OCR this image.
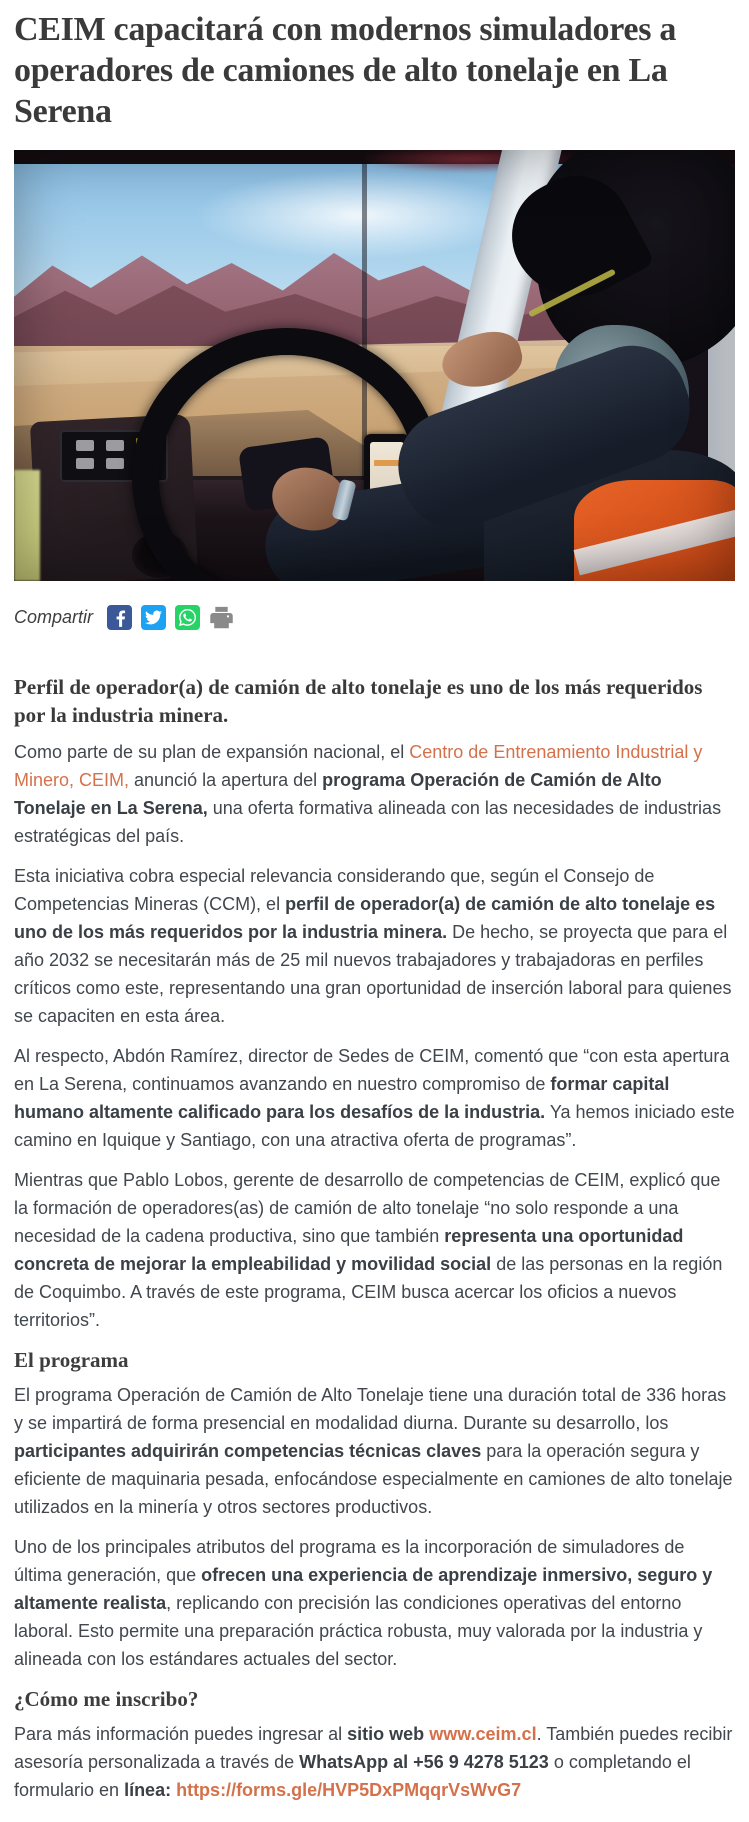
CEIM capacitará con modernos simuladores a operadores de camiones de alto tonelaje en La Serena
Compartir
Perfil de operador(a) de camión de alto tonelaje es uno de los más requeridos por la industria minera.

Como parte de su plan de expansión nacional, el Centro de Entrenamiento Industrial y Minero, CEIM, anunció la apertura del programa Operación de Camión de Alto Tonelaje en La Serena, una oferta formativa alineada con las necesidades de industrias estratégicas del país.

Esta iniciativa cobra especial relevancia considerando que, según el Consejo de Competencias Mineras (CCM), el perfil de operador(a) de camión de alto tonelaje es uno de los más requeridos por la industria minera. De hecho, se proyecta que para el año 2032 se necesitarán más de 25 mil nuevos trabajadores y trabajadoras en perfiles críticos como este, representando una gran oportunidad de inserción laboral para quienes se capaciten en esta área.

Al respecto, Abdón Ramírez, director de Sedes de CEIM, comentó que “con esta apertura en La Serena, continuamos avanzando en nuestro compromiso de formar capital humano altamente calificado para los desafíos de la industria. Ya hemos iniciado este camino en Iquique y Santiago, con una atractiva oferta de programas”.

Mientras que Pablo Lobos, gerente de desarrollo de competencias de CEIM, explicó que la formación de operadores(as) de camión de alto tonelaje “no solo responde a una necesidad de la cadena productiva, sino que también representa una oportunidad concreta de mejorar la empleabilidad y movilidad social de las personas en la región de Coquimbo. A través de este programa, CEIM busca acercar los oficios a nuevos territorios”.

El programa

El programa Operación de Camión de Alto Tonelaje tiene una duración total de 336 horas y se impartirá de forma presencial en modalidad diurna. Durante su desarrollo, los participantes adquirirán competencias técnicas claves para la operación segura y eficiente de maquinaria pesada, enfocándose especialmente en camiones de alto tonelaje utilizados en la minería y otros sectores productivos.

Uno de los principales atributos del programa es la incorporación de simuladores de última generación, que ofrecen una experiencia de aprendizaje inmersivo, seguro y altamente realista, replicando con precisión las condiciones operativas del entorno laboral. Esto permite una preparación práctica robusta, muy valorada por la industria y alineada con los estándares actuales del sector.

¿Cómo me inscribo?

Para más información puedes ingresar al sitio web www.ceim.cl. También puedes recibir asesoría personalizada a través de WhatsApp al +56 9 4278 5123 o completando el formulario en línea: https://forms.gle/HVP5DxPMqqrVsWvG7
